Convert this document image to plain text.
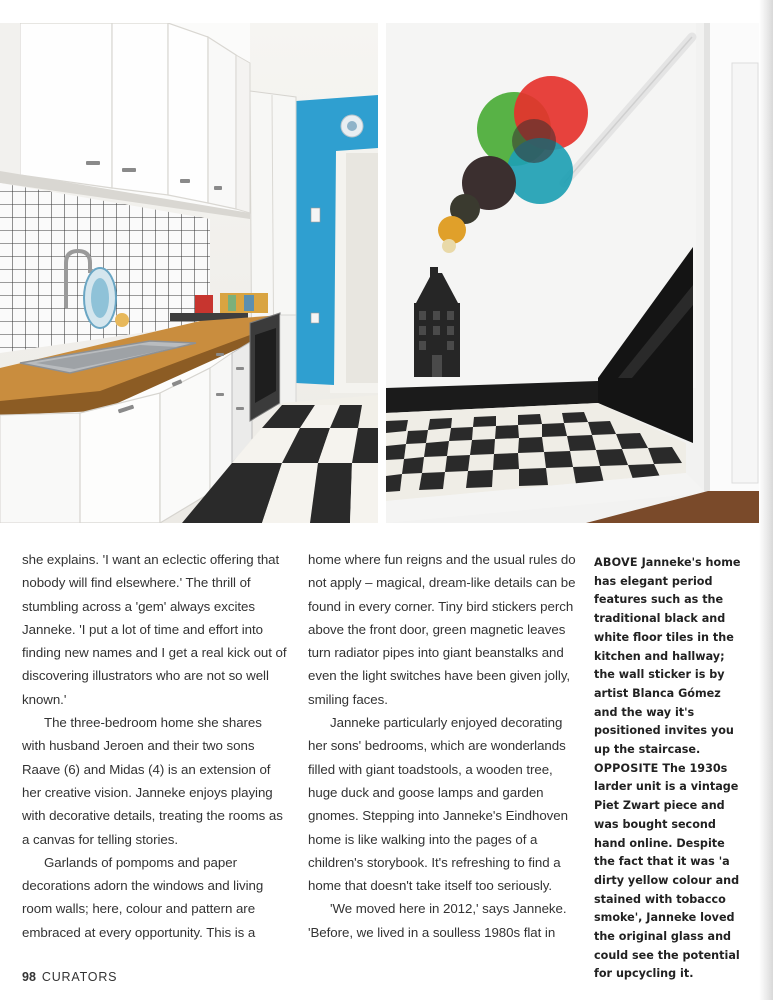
she explains. 'I want an eclectic offering that nobody will find elsewhere.' The thrill of stumbling across a 'gem' always excites Janneke. 'I put a lot of time and effort into finding new names and I get a real kick out of discovering illustrators who are not so well known.'

The three-bedroom home she shares with husband Jeroen and their two sons Raave (6) and Midas (4) is an extension of her creative vision. Janneke enjoys playing with decorative details, treating the rooms as a canvas for telling stories.

Garlands of pompoms and paper decorations adorn the windows and living room walls; here, colour and pattern are embraced at every opportunity. This is a

home where fun reigns and the usual rules do not apply – magical, dream-like details can be found in every corner. Tiny bird stickers perch above the front door, green magnetic leaves turn radiator pipes into giant beanstalks and even the light switches have been given jolly, smiling faces.

Janneke particularly enjoyed decorating her sons' bedrooms, which are wonderlands filled with giant toadstools, a wooden tree, huge duck and goose lamps and garden gnomes. Stepping into Janneke's Eindhoven home is like walking into the pages of a children's storybook. It's refreshing to find a home that doesn't take itself too seriously.

'We moved here in 2012,' says Janneke. 'Before, we lived in a soulless 1980s flat in

ABOVE Janneke's home has elegant period features such as the traditional black and white floor tiles in the kitchen and hallway; the wall sticker is by artist Blanca Gómez and the way it's positioned invites you up the staircase. OPPOSITE The 1930s larder unit is a vintage Piet Zwart piece and was bought second hand online. Despite the fact that it was 'a dirty yellow colour and stained with tobacco smoke', Janneke loved the original glass and could see the potential for upcycling it.
98 CURATORS
